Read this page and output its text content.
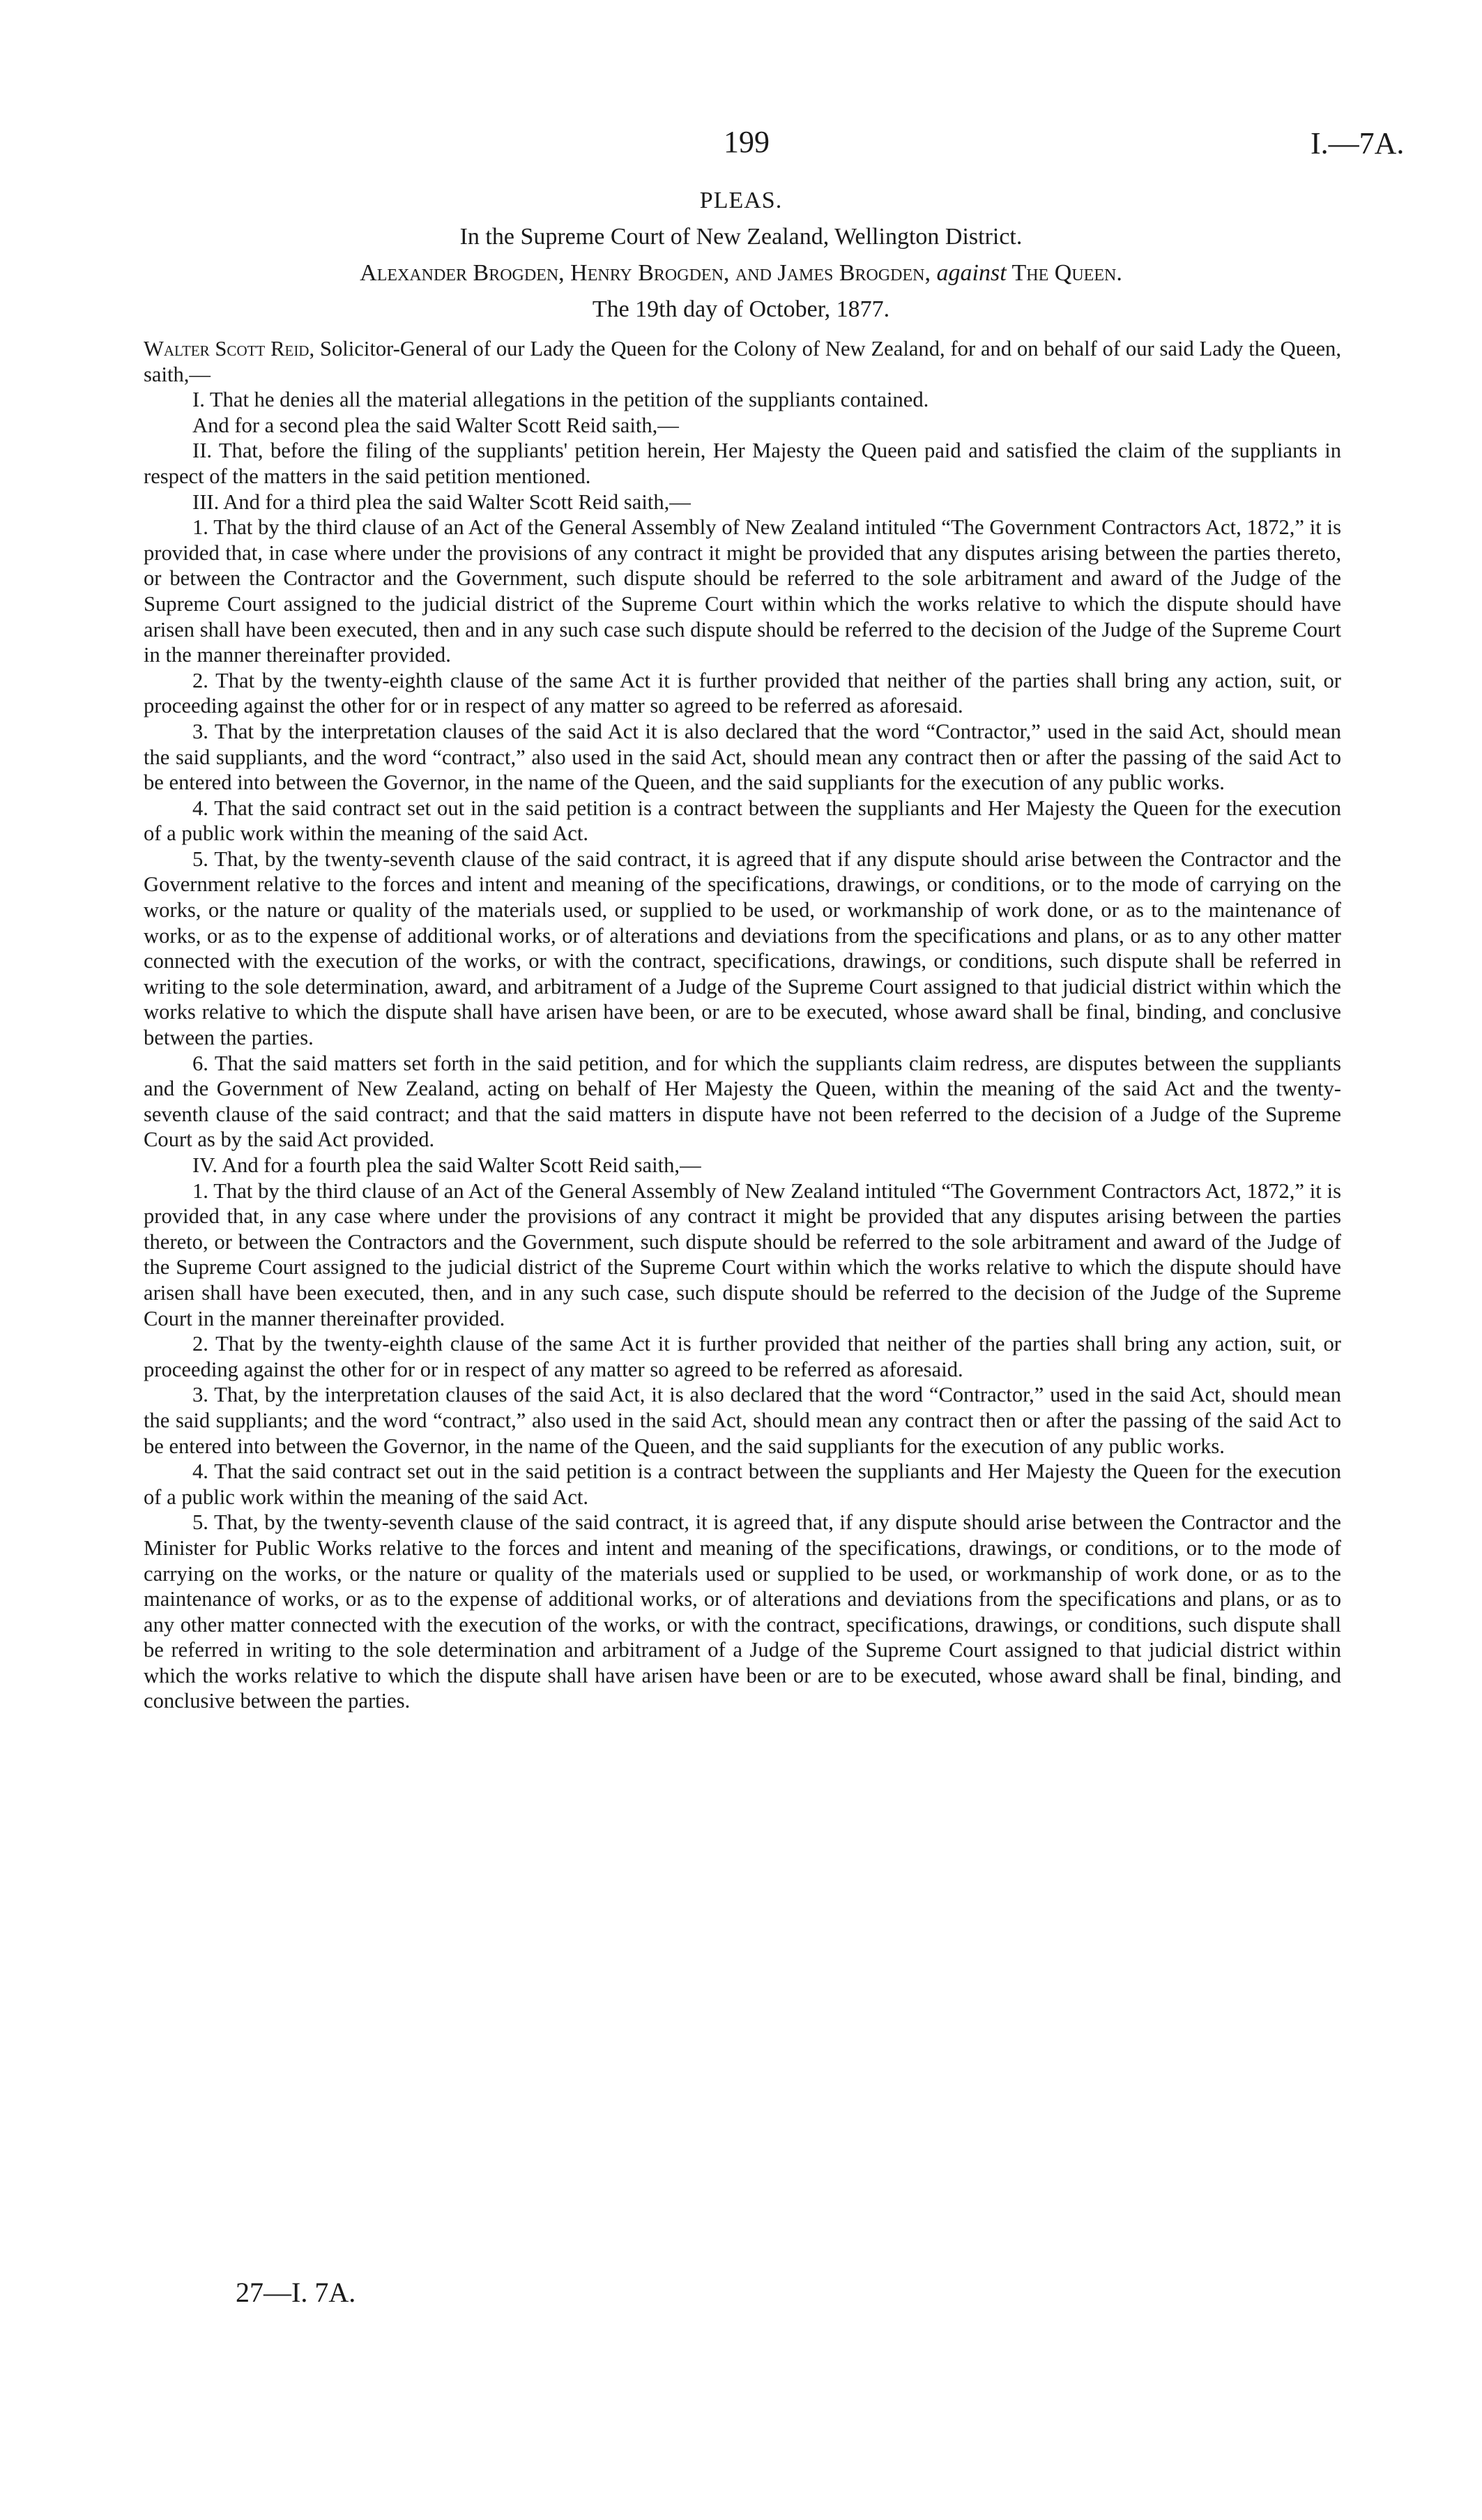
199	I.—7A.
PLEAS.
In the Supreme Court of New Zealand, Wellington District.
Alexander Brogden, Henry Brogden, and James Brogden, against The Queen.
The 19th day of October, 1877.

Walter Scott Reid, Solicitor-General of our Lady the Queen for the Colony of New Zealand, for and on behalf of our said Lady the Queen, saith,—

I. That he denies all the material allegations in the petition of the suppliants contained.

And for a second plea the said Walter Scott Reid saith,—

II. That, before the filing of the suppliants' petition herein, Her Majesty the Queen paid and satisfied the claim of the suppliants in respect of the matters in the said petition mentioned.

III. And for a third plea the said Walter Scott Reid saith,—

1. That by the third clause of an Act of the General Assembly of New Zealand intituled “The Government Contractors Act, 1872,” it is provided that, in case where under the provisions of any contract it might be provided that any disputes arising between the parties thereto, or between the Contractor and the Government, such dispute should be referred to the sole arbitrament and award of the Judge of the Supreme Court assigned to the judicial district of the Supreme Court within which the works relative to which the dispute should have arisen shall have been executed, then and in any such case such dispute should be referred to the decision of the Judge of the Supreme Court in the manner thereinafter provided.

2. That by the twenty-eighth clause of the same Act it is further provided that neither of the parties shall bring any action, suit, or proceeding against the other for or in respect of any matter so agreed to be referred as aforesaid.

3. That by the interpretation clauses of the said Act it is also declared that the word “Contractor,” used in the said Act, should mean the said suppliants, and the word “contract,” also used in the said Act, should mean any contract then or after the passing of the said Act to be entered into between the Governor, in the name of the Queen, and the said suppliants for the execution of any public works.

4. That the said contract set out in the said petition is a contract between the suppliants and Her Majesty the Queen for the execution of a public work within the meaning of the said Act.

5. That, by the twenty-seventh clause of the said contract, it is agreed that if any dispute should arise between the Contractor and the Government relative to the forces and intent and meaning of the specifications, drawings, or conditions, or to the mode of carrying on the works, or the nature or quality of the materials used, or supplied to be used, or workmanship of work done, or as to the maintenance of works, or as to the expense of additional works, or of alterations and deviations from the specifications and plans, or as to any other matter connected with the execution of the works, or with the contract, specifications, drawings, or conditions, such dispute shall be referred in writing to the sole determination, award, and arbitrament of a Judge of the Supreme Court assigned to that judicial district within which the works relative to which the dispute shall have arisen have been, or are to be executed, whose award shall be final, binding, and conclusive between the parties.

6. That the said matters set forth in the said petition, and for which the suppliants claim redress, are disputes between the suppliants and the Government of New Zealand, acting on behalf of Her Majesty the Queen, within the meaning of the said Act and the twenty-seventh clause of the said contract; and that the said matters in dispute have not been referred to the decision of a Judge of the Supreme Court as by the said Act provided.

IV. And for a fourth plea the said Walter Scott Reid saith,—

1. That by the third clause of an Act of the General Assembly of New Zealand intituled “The Government Contractors Act, 1872,” it is provided that, in any case where under the provisions of any contract it might be provided that any disputes arising between the parties thereto, or between the Contractors and the Government, such dispute should be referred to the sole arbitrament and award of the Judge of the Supreme Court assigned to the judicial district of the Supreme Court within which the works relative to which the dispute should have arisen shall have been executed, then, and in any such case, such dispute should be referred to the decision of the Judge of the Supreme Court in the manner thereinafter provided.

2. That by the twenty-eighth clause of the same Act it is further provided that neither of the parties shall bring any action, suit, or proceeding against the other for or in respect of any matter so agreed to be referred as aforesaid.

3. That, by the interpretation clauses of the said Act, it is also declared that the word “Contractor,” used in the said Act, should mean the said suppliants; and the word “contract,” also used in the said Act, should mean any contract then or after the passing of the said Act to be entered into between the Governor, in the name of the Queen, and the said suppliants for the execution of any public works.

4. That the said contract set out in the said petition is a contract between the suppliants and Her Majesty the Queen for the execution of a public work within the meaning of the said Act.

5. That, by the twenty-seventh clause of the said contract, it is agreed that, if any dispute should arise between the Contractor and the Minister for Public Works relative to the forces and intent and meaning of the specifications, drawings, or conditions, or to the mode of carrying on the works, or the nature or quality of the materials used or supplied to be used, or workmanship of work done, or as to the maintenance of works, or as to the expense of additional works, or of alterations and deviations from the specifications and plans, or as to any other matter connected with the execution of the works, or with the contract, specifications, drawings, or conditions, such dispute shall be referred in writing to the sole determination and arbitrament of a Judge of the Supreme Court assigned to that judicial district within which the works relative to which the dispute shall have arisen have been or are to be executed, whose award shall be final, binding, and conclusive between the parties.

27—I. 7A.
